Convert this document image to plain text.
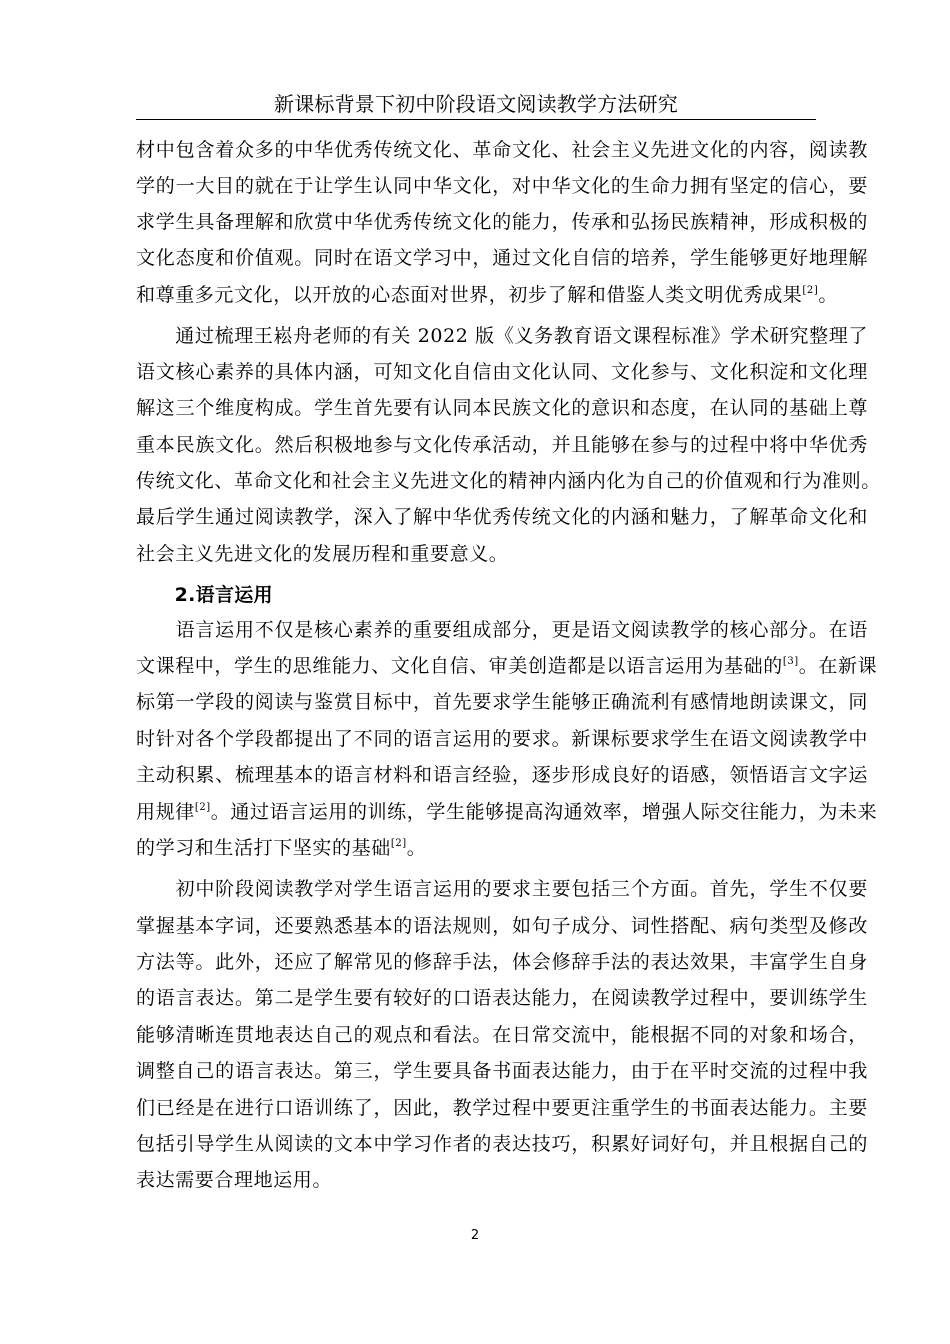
新课标背景下初中阶段语文阅读教学方法研究
材中包含着众多的中华优秀传统文化、革命文化、社会主义先进文化的内容，阅读教
学的一大目的就在于让学生认同中华文化，对中华文化的生命力拥有坚定的信心，要
求学生具备理解和欣赏中华优秀传统文化的能力，传承和弘扬民族精神，形成积极的
文化态度和价值观。同时在语文学习中，通过文化自信的培养，学生能够更好地理解
和尊重多元文化，以开放的心态面对世界，初步了解和借鉴人类文明优秀成果[2]。
　　通过梳理王崧舟老师的有关 2022 版《义务教育语文课程标准》学术研究整理了
语文核心素养的具体内涵，可知文化自信由文化认同、文化参与、文化积淀和文化理
解这三个维度构成。学生首先要有认同本民族文化的意识和态度，在认同的基础上尊
重本民族文化。然后积极地参与文化传承活动，并且能够在参与的过程中将中华优秀
传统文化、革命文化和社会主义先进文化的精神内涵内化为自己的价值观和行为准则。
最后学生通过阅读教学，深入了解中华优秀传统文化的内涵和魅力，了解革命文化和
社会主义先进文化的发展历程和重要意义。
　　2.语言运用
　　语言运用不仅是核心素养的重要组成部分，更是语文阅读教学的核心部分。在语
文课程中，学生的思维能力、文化自信、审美创造都是以语言运用为基础的[3]。在新课
标第一学段的阅读与鉴赏目标中，首先要求学生能够正确流利有感情地朗读课文，同
时针对各个学段都提出了不同的语言运用的要求。新课标要求学生在语文阅读教学中
主动积累、梳理基本的语言材料和语言经验，逐步形成良好的语感，领悟语言文字运
用规律[2]。通过语言运用的训练，学生能够提高沟通效率，增强人际交往能力，为未来
的学习和生活打下坚实的基础[2]。
　　初中阶段阅读教学对学生语言运用的要求主要包括三个方面。首先，学生不仅要
掌握基本字词，还要熟悉基本的语法规则，如句子成分、词性搭配、病句类型及修改
方法等。此外，还应了解常见的修辞手法，体会修辞手法的表达效果，丰富学生自身
的语言表达。第二是学生要有较好的口语表达能力，在阅读教学过程中，要训练学生
能够清晰连贯地表达自己的观点和看法。在日常交流中，能根据不同的对象和场合，
调整自己的语言表达。第三，学生要具备书面表达能力，由于在平时交流的过程中我
们已经是在进行口语训练了，因此，教学过程中要更注重学生的书面表达能力。主要
包括引导学生从阅读的文本中学习作者的表达技巧，积累好词好句，并且根据自己的
表达需要合理地运用。
2
